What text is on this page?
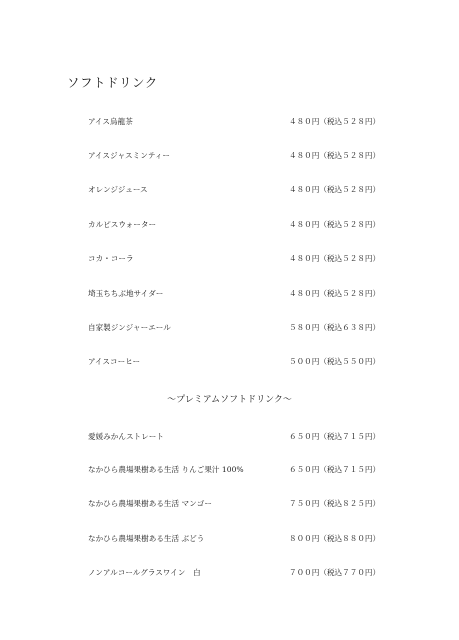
ソフトドリンク
アイス烏龍茶	４８０円（税込５２８円）
アイスジャスミンティー	４８０円（税込５２８円）
オレンジジュース	４８０円（税込５２８円）
カルピスウォーター	４８０円（税込５２８円）
コカ・コーラ	４８０円（税込５２８円）
埼玉ちちぶ地サイダー	４８０円（税込５２８円）
自家製ジンジャーエール	５８０円（税込６３８円）
アイスコーヒー	５００円（税込５５０円）
～プレミアムソフトドリンク～
愛媛みかんストレート	６５０円（税込７１５円）
なかひら農場果樹ある生活 りんご果汁 100%	６５０円（税込７１５円）
なかひら農場果樹ある生活 マンゴー	７５０円（税込８２５円）
なかひら農場果樹ある生活 ぶどう	８００円（税込８８０円）
ノンアルコールグラスワイン　白	７００円（税込７７０円）
